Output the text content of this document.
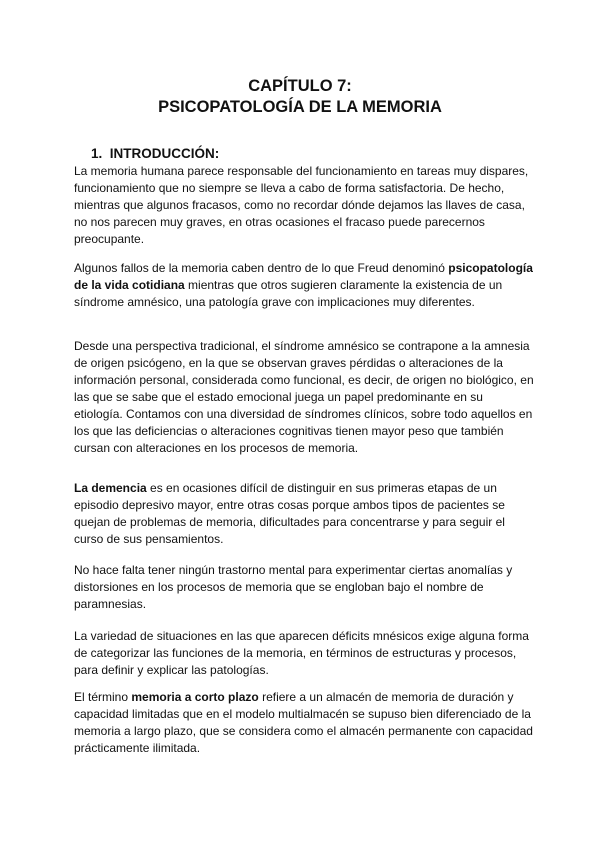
CAPÍTULO 7:
PSICOPATOLOGÍA DE LA MEMORIA
1. INTRODUCCIÓN:
La memoria humana parece responsable del funcionamiento en tareas muy dispares, funcionamiento que no siempre se lleva a cabo de forma satisfactoria. De hecho, mientras que algunos fracasos, como no recordar dónde dejamos las llaves de casa, no nos parecen muy graves, en otras ocasiones el fracaso puede parecernos preocupante.
Algunos fallos de la memoria caben dentro de lo que Freud denominó psicopatología de la vida cotidiana mientras que otros sugieren claramente la existencia de un síndrome amnésico, una patología grave con implicaciones muy diferentes.
Desde una perspectiva tradicional, el síndrome amnésico se contrapone a la amnesia de origen psicógeno, en la que se observan graves pérdidas o alteraciones de la información personal, considerada como funcional, es decir, de origen no biológico, en las que se sabe que el estado emocional juega un papel predominante en su etiología. Contamos con una diversidad de síndromes clínicos, sobre todo aquellos en los que las deficiencias o alteraciones cognitivas tienen mayor peso que también cursan con alteraciones en los procesos de memoria.
La demencia es en ocasiones difícil de distinguir en sus primeras etapas de un episodio depresivo mayor, entre otras cosas porque ambos tipos de pacientes se quejan de problemas de memoria, dificultades para concentrarse y para seguir el curso de sus pensamientos.
No hace falta tener ningún trastorno mental para experimentar ciertas anomalías y distorsiones en los procesos de memoria que se engloban bajo el nombre de paramnesias.
La variedad de situaciones en las que aparecen déficits mnésicos exige alguna forma de categorizar las funciones de la memoria, en términos de estructuras y procesos, para definir y explicar las patologías.
El término memoria a corto plazo refiere a un almacén de memoria de duración y capacidad limitadas que en el modelo multialmacén se supuso bien diferenciado de la memoria a largo plazo, que se considera como el almacén permanente con capacidad prácticamente ilimitada.
